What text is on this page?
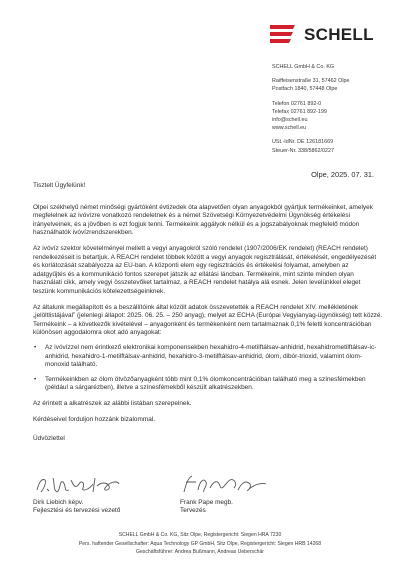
SCHELL
SCHELL GmbH & Co. KG
Raiffeisenstraße 31, 57462 Olpe
Postfach 1840, 57448 Olpe
Telefon 02761 892-0
Telefax 02761 892-199
info@schell.eu
www.schell.eu
USt.-IdNr. DE 126181669
Steuer-Nr. 338/5862/0227
Olpe, 2025. 07. 31.

Tisztelt Ügyfelünk!

Olpei székhelyű német minőségi gyártóként évtizedek óta alapvetően olyan anyagokból gyártjuk termékeinket, amelyek megfelelnek az ivóvízre vonatkozó rendeletnek és a német Szövetségi Környezetvédelmi Ügynökség értékelési irányelveinek, és a jövőben is ezt fogjuk tenni. Termékeink aggályok nélkül és a jogszabályoknak megfelelő módon használhatók ivóvízrendszerekben.

Az ivóvíz szektor követelményei mellett a vegyi anyagokról szóló rendelet (1907/2006/EK rendelet) (REACH rendelet) rendelkezéseit is betartjuk. A REACH rendelet többek között a vegyi anyagok regisztrálását, értékelését, engedélyezését és korlátozását szabályozza az EU-ban. A központi elem egy regisztrációs és értékelési folyamat, amelyben az adatgyűjtés és a kommunikáció fontos szerepet játszik az ellátási láncban. Termékeink, mint szinte minden olyan használati cikk, amely vegyi összetevőket tartalmaz, a REACH rendelet hatálya alá esnek. Jelen levelünkkel eleget teszünk kommunikációs kötelezettségeinknek.

Az általunk megállapított és a beszállítóink által közölt adatok összevetették a REACH rendelet XIV. mellékletének „jelöltlistájával” (jelenlegi állapot: 2025. 06. 25. – 250 anyag), melyet az ECHA (Európai Vegyianyag-ügynökség) tett közzé. Termékeink – a következők kivételével – anyagonként és termékenként nem tartalmaznak 0,1% feletti koncentrációban különösen aggodalomra okot adó anyagokat:

• Az ivóvízzel nem érintkező elektronikai komponensekben hexahidro-4-metilftálsav-anhidrid, hexahidrometilftálsav-ic-anhidrid, hexahidro-1-metilftálsav-anhidrid, hexahidro-3-metilftálsav-anhidrid, ólom, dibór-trioxid, valamint ólom-monoxid található.
• Termékeinkben az ólom ötvözőanyagként több mint 0,1% ólomkoncentrációban található meg a színesfémekben (például a sárgarézben), illetve a színesfémekből készült alkatrészekben.

Az érintett a alkatrészek az alábbi listában szerepelnek.

Kérdéseivel forduljon hozzánk bizalommal.

Üdvözlettel

Dirk Liebich képv.
Fejlesztési és tervezési vezető
Frank Pape megb.
Tervezés
SCHELL GmbH & Co. KG, Sitz Olpe, Registergericht: Siegen HRA 7230
Pers. haftender Gesellschafter: Aqua Technology GP GmbH, Sitz Olpe, Registergericht: Siegen HRB 14268
Geschäftsführer: Andrea Bußmann, Andreas Ueberschär
